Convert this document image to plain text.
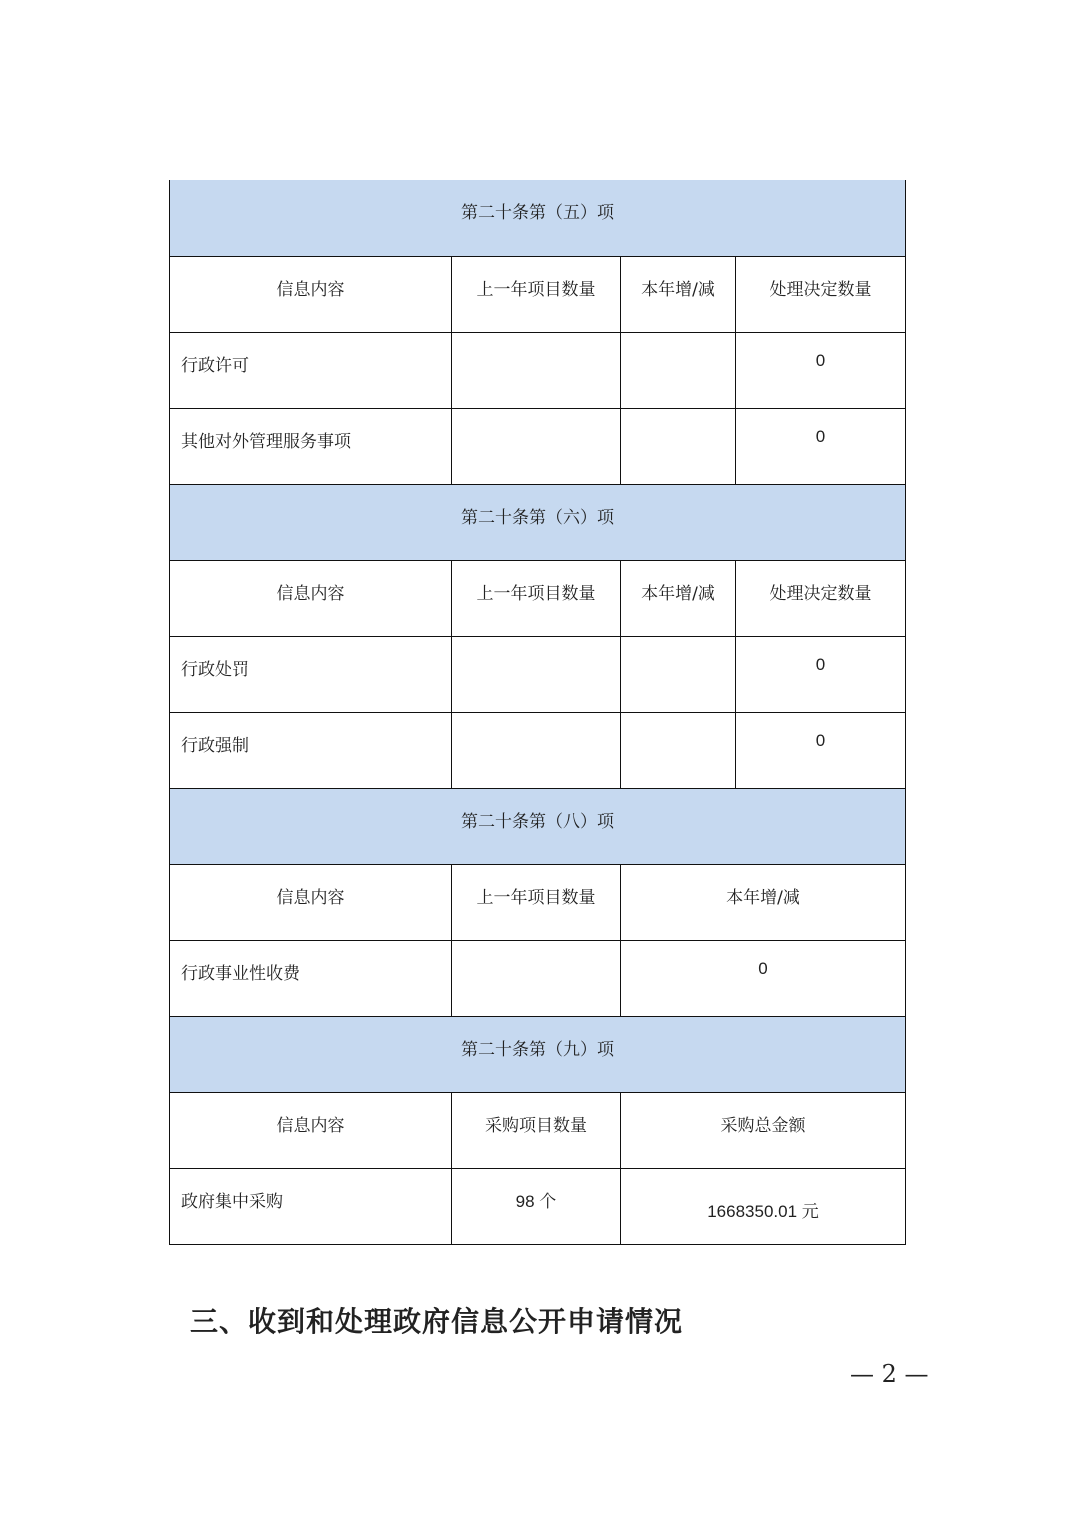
第二十条第（五）项			
信息内容	上一年项目数量	本年增/减	处理决定数量
行政许可			0
其他对外管理服务事项			0
第二十条第（六）项			
信息内容	上一年项目数量	本年增/减	处理决定数量
行政处罚			0
行政强制			0
第二十条第（八）项			
信息内容	上一年项目数量	本年增/减	
行政事业性收费		0	
第二十条第（九）项			
信息内容	采购项目数量	采购总金额	
政府集中采购	98 个	1668350.01 元	
三、收到和处理政府信息公开申请情况
— 2 —
